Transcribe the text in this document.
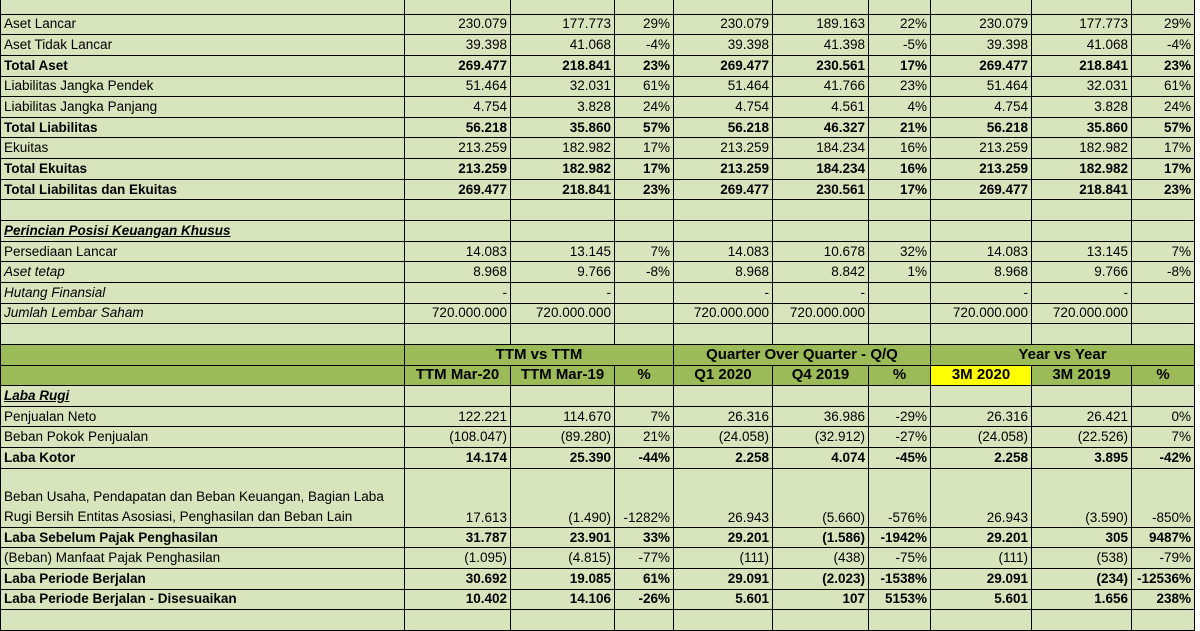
Aset Lancar	230.079	177.773	29%	230.079	189.163	22%	230.079	177.773	29%
Aset Tidak Lancar	39.398	41.068	-4%	39.398	41.398	-5%	39.398	41.068	-4%
Total Aset	269.477	218.841	23%	269.477	230.561	17%	269.477	218.841	23%
Liabilitas Jangka Pendek	51.464	32.031	61%	51.464	41.766	23%	51.464	32.031	61%
Liabilitas Jangka Panjang	4.754	3.828	24%	4.754	4.561	4%	4.754	3.828	24%
Total Liabilitas	56.218	35.860	57%	56.218	46.327	21%	56.218	35.860	57%
Ekuitas	213.259	182.982	17%	213.259	184.234	16%	213.259	182.982	17%
Total Ekuitas	213.259	182.982	17%	213.259	184.234	16%	213.259	182.982	17%
Total Liabilitas dan Ekuitas	269.477	218.841	23%	269.477	230.561	17%	269.477	218.841	23%

Perincian Posisi Keuangan Khusus									
Persediaan Lancar	14.083	13.145	7%	14.083	10.678	32%	14.083	13.145	7%
Aset tetap	8.968	9.766	-8%	8.968	8.842	1%	8.968	9.766	-8%
Hutang Finansial	-	-		-	-		-	-	
Jumlah Lembar Saham	720.000.000	720.000.000		720.000.000	720.000.000		720.000.000	720.000.000	

	TTM vs TTM			Quarter Over Quarter - Q/Q			Year vs Year		
	TTM Mar-20	TTM Mar-19	%	Q1 2020	Q4 2019	%	3M 2020	3M 2019	%
Laba Rugi									
Penjualan Neto	122.221	114.670	7%	26.316	36.986	-29%	26.316	26.421	0%
Beban Pokok Penjualan	(108.047)	(89.280)	21%	(24.058)	(32.912)	-27%	(24.058)	(22.526)	7%
Laba Kotor	14.174	25.390	-44%	2.258	4.074	-45%	2.258	3.895	-42%
Beban Usaha, Pendapatan dan Beban Keuangan, Bagian Laba Rugi Bersih Entitas Asosiasi, Penghasilan dan Beban Lain	17.613	(1.490)	-1282%	26.943	(5.660)	-576%	26.943	(3.590)	-850%
Laba Sebelum Pajak Penghasilan	31.787	23.901	33%	29.201	(1.586)	-1942%	29.201	305	9487%
(Beban) Manfaat Pajak Penghasilan	(1.095)	(4.815)	-77%	(111)	(438)	-75%	(111)	(538)	-79%
Laba Periode Berjalan	30.692	19.085	61%	29.091	(2.023)	-1538%	29.091	(234)	-12536%
Laba Periode Berjalan - Disesuaikan	10.402	14.106	-26%	5.601	107	5153%	5.601	1.656	238%
